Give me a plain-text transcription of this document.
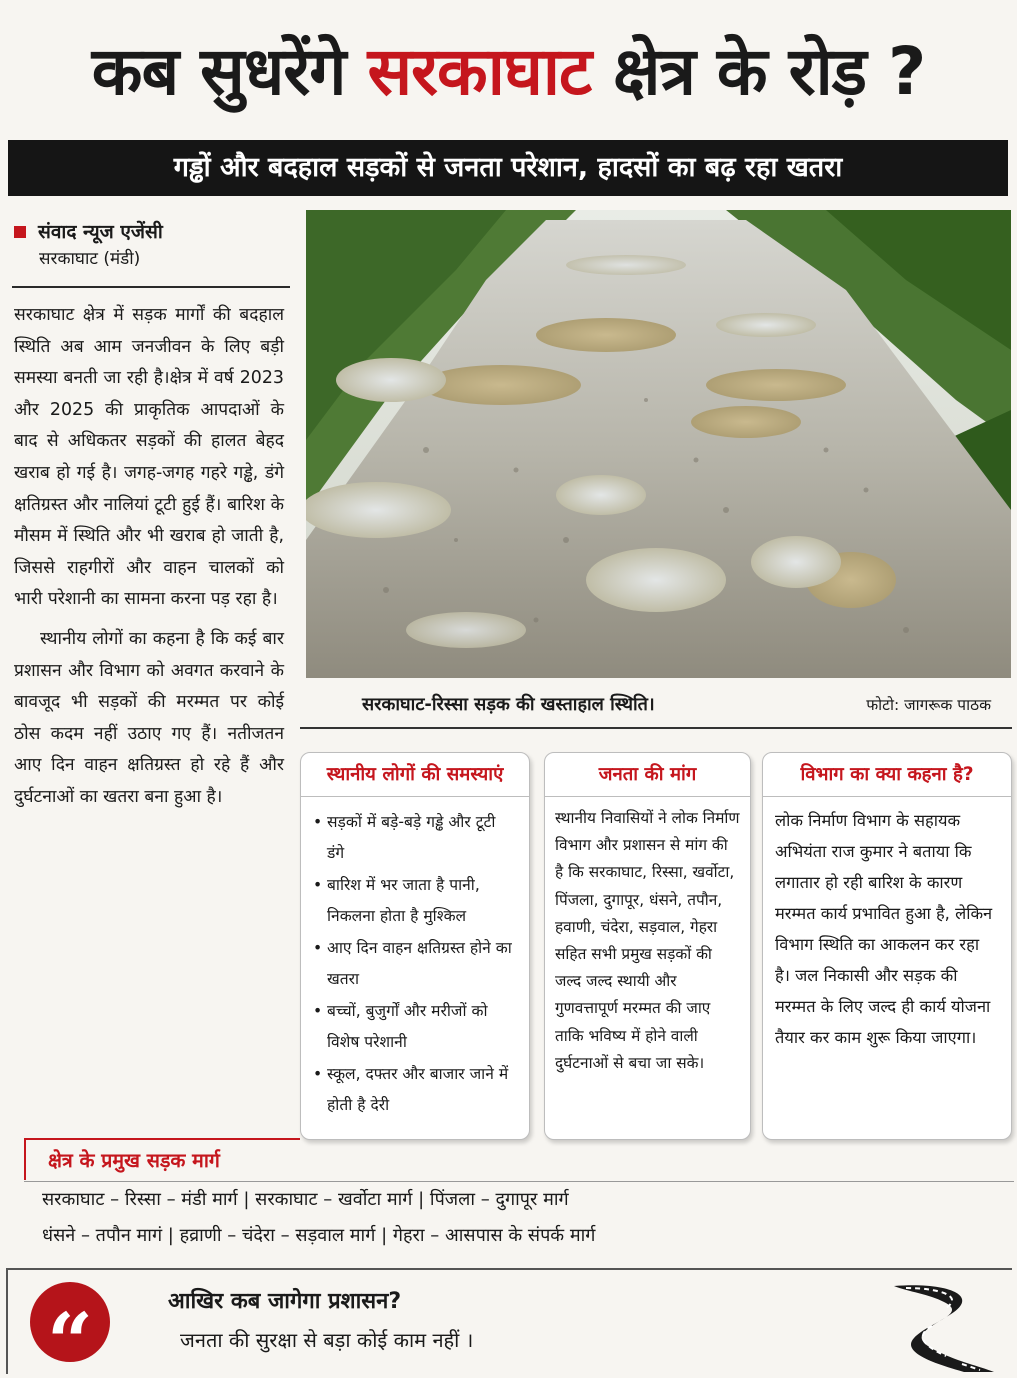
कब सुधरेंगे सरकाघाट क्षेत्र के रोड़ ?
गड्ढों और बदहाल सड़कों से जनता परेशान, हादसों का बढ़ रहा खतरा
संवाद न्यूज एजेंसी
सरकाघाट (मंडी)

सरकाघाट क्षेत्र में सड़क मार्गों की बदहाल स्थिति अब आम जनजीवन के लिए बड़ी समस्या बनती जा रही है।क्षेत्र में वर्ष 2023 और 2025 की प्राकृतिक आपदाओं के बाद से अधिकतर सड़कों की हालत बेहद खराब हो गई है। जगह-जगह गहरे गड्ढे, डंगे क्षतिग्रस्त और नालियां टूटी हुई हैं। बारिश के मौसम में स्थिति और भी खराब हो जाती है, जिससे राहगीरों और वाहन चालकों को भारी परेशानी का सामना करना पड़ रहा है।

स्थानीय लोगों का कहना है कि कई बार प्रशासन और विभाग को अवगत करवाने के बावजूद भी सड़कों की मरम्मत पर कोई ठोस कदम नहीं उठाए गए हैं। नतीजतन आए दिन वाहन क्षतिग्रस्त हो रहे हैं और दुर्घटनाओं का खतरा बना हुआ है।

सरकाघाट-रिस्सा सड़क की खस्ताहाल स्थिति।	फोटो: जागरूक पाठक
स्थानीय लोगों की समस्याएं
• सड़कों में बड़े-बड़े गड्ढे और टूटी डंगे
• बारिश में भर जाता है पानी, निकलना होता है मुश्किल
• आए दिन वाहन क्षतिग्रस्त होने का खतरा
• बच्चों, बुजुर्गों और मरीजों को विशेष परेशानी
• स्कूल, दफ्तर और बाजार जाने में होती है देरी
जनता की मांग
स्थानीय निवासियों ने लोक निर्माण विभाग और प्रशासन से मांग की है कि सरकाघाट, रिस्सा, खर्वोटा, पिंजला, दुगापूर, धंसने, तपौन, हवाणी, चंदेरा, सड़वाल, गेहरा सहित सभी प्रमुख सड़कों की जल्द जल्द स्थायी और गुणवत्तापूर्ण मरम्मत की जाए ताकि भविष्य में होने वाली दुर्घटनाओं से बचा जा सके।
विभाग का क्या कहना है?
लोक निर्माण विभाग के सहायक अभियंता राज कुमार ने बताया कि लगातार हो रही बारिश के कारण मरम्मत कार्य प्रभावित हुआ है, लेकिन विभाग स्थिति का आकलन कर रहा है। जल निकासी और सड़क की मरम्मत के लिए जल्द ही कार्य योजना तैयार कर काम शुरू किया जाएगा।
क्षेत्र के प्रमुख सड़क मार्ग
सरकाघाट – रिस्सा – मंडी मार्ग | सरकाघाट – खर्वोटा मार्ग | पिंजला – दुगापूर मार्ग
धंसने – तपौन मागं | हव्राणी – चंदेरा – सड़वाल मार्ग | गेहरा – आसपास के संपर्क मार्ग
“	आखिर कब जागेगा प्रशासन?
जनता की सुरक्षा से बड़ा कोई काम नहीं ।
